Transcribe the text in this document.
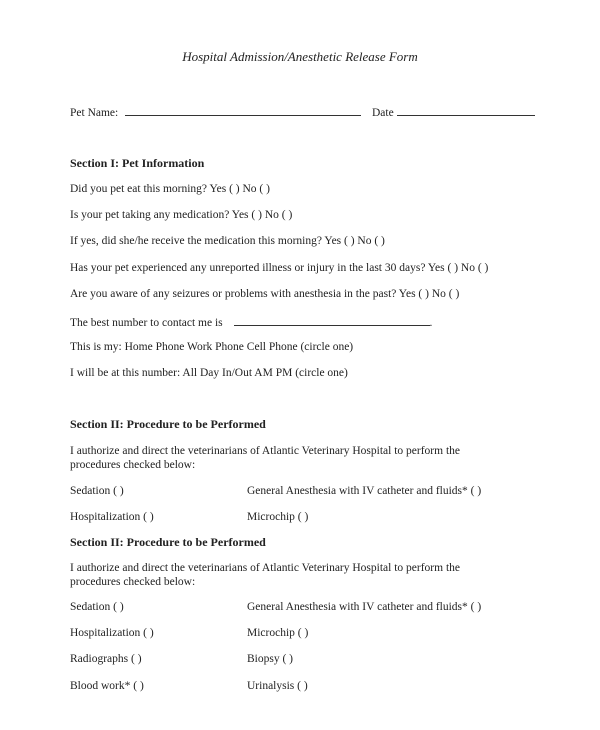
Hospital Admission/Anesthetic Release Form
Pet Name:	Date
Section I: Pet Information
Did you pet eat this morning? Yes ( ) No ( )
Is your pet taking any medication? Yes ( ) No ( )
If yes, did she/he receive the medication this morning? Yes ( ) No ( )
Has your pet experienced any unreported illness or injury in the last 30 days? Yes ( ) No ( )
Are you aware of any seizures or problems with anesthesia in the past? Yes ( ) No ( )
The best number to contact me is	.
This is my: Home Phone Work Phone Cell Phone (circle one)
I will be at this number: All Day In/Out AM PM (circle one)
Section II: Procedure to be Performed
I authorize and direct the veterinarians of Atlantic Veterinary Hospital to perform the
procedures checked below:
Sedation ( )	General Anesthesia with IV catheter and fluids* ( )
Hospitalization ( )	Microchip ( )
Section II: Procedure to be Performed
I authorize and direct the veterinarians of Atlantic Veterinary Hospital to perform the
procedures checked below:
Sedation ( )	General Anesthesia with IV catheter and fluids* ( )
Hospitalization ( )	Microchip ( )
Radiographs ( )	Biopsy ( )
Blood work* ( )	Urinalysis ( )
